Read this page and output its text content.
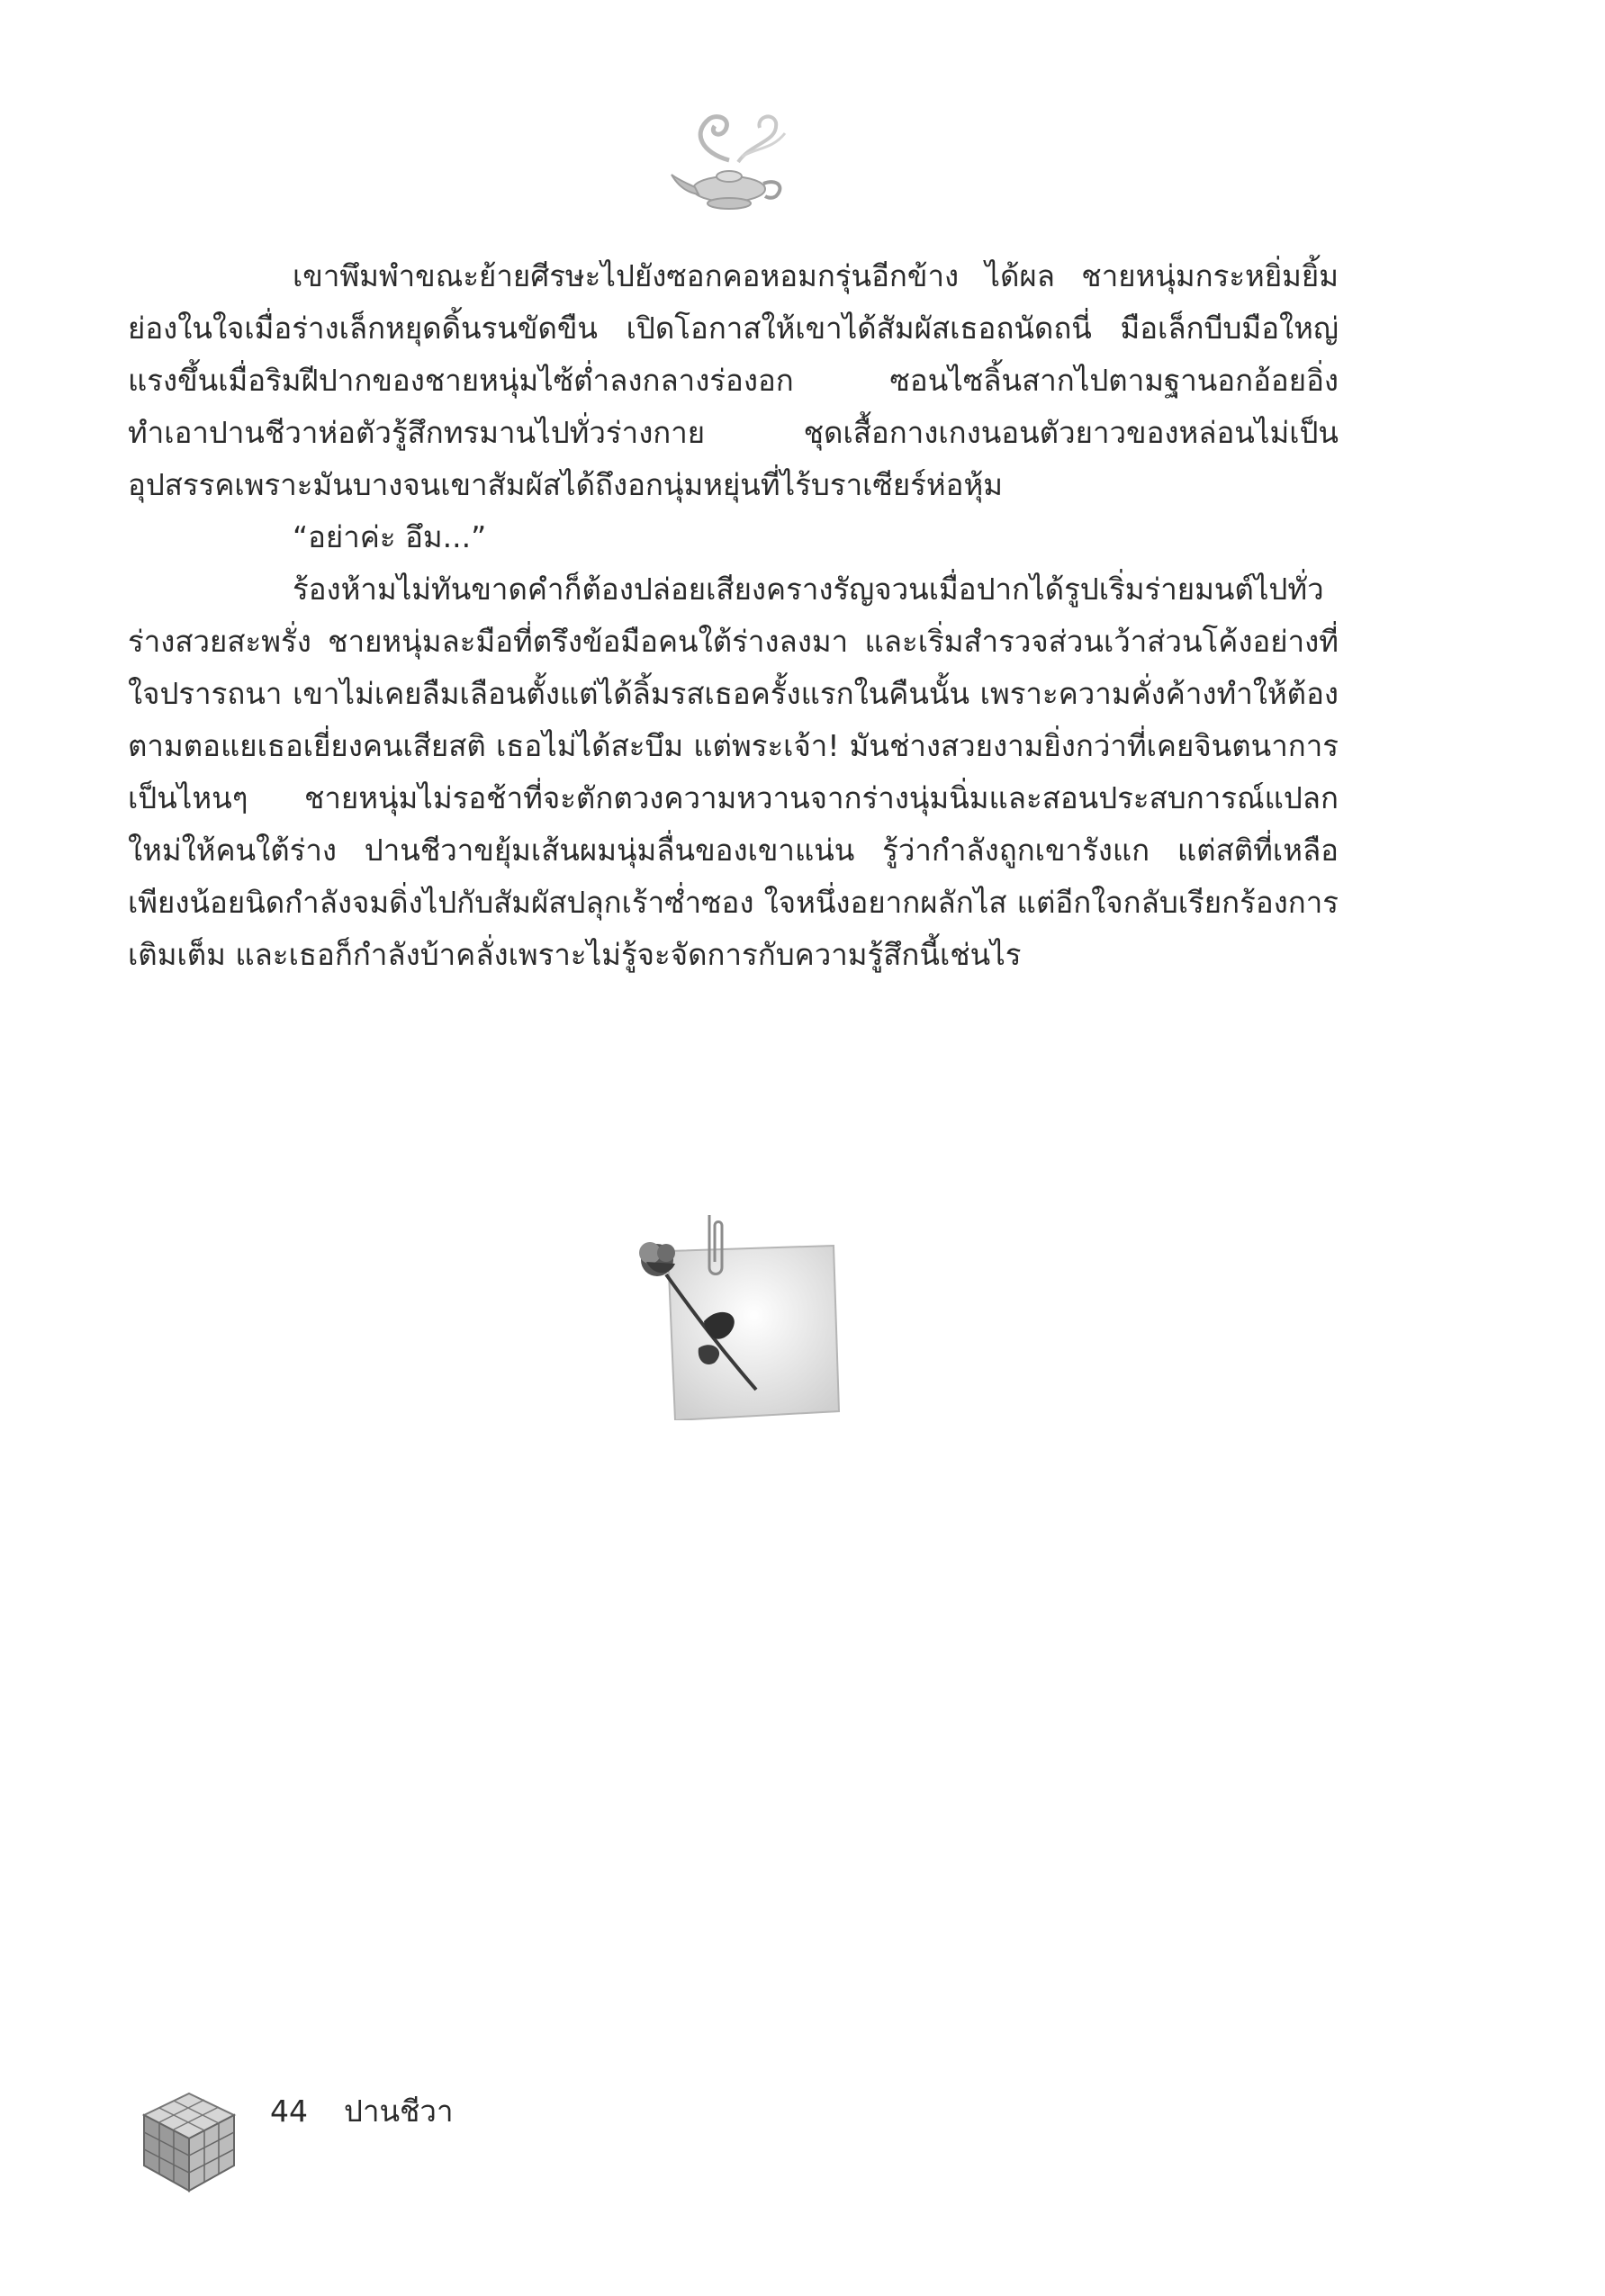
เขาพึมพำขณะย้ายศีรษะไปยังซอกคอหอมกรุ่นอีกข้าง ได้ผล ชายหนุ่มกระหยิ่มยิ้มย่องในใจเมื่อร่างเล็กหยุดดิ้นรนขัดขืน เปิดโอกาสให้เขาได้สัมผัสเธอถนัดถนี่ มือเล็กบีบมือใหญ่แรงขึ้นเมื่อริมฝีปากของชายหนุ่มไซ้ต่ำลงกลางร่องอก ซอนไซลิ้นสากไปตามฐานอกอ้อยอิ่ง ทำเอาปานชีวาห่อตัวรู้สึกทรมานไปทั่วร่างกาย ชุดเสื้อกางเกงนอนตัวยาวของหล่อนไม่เป็นอุปสรรคเพราะมันบางจนเขาสัมผัสได้ถึงอกนุ่มหยุ่นที่ไร้บราเซียร์ห่อหุ้ม

“อย่าค่ะ อึม...”

ร้องห้ามไม่ทันขาดคำก็ต้องปล่อยเสียงครางรัญจวนเมื่อปากได้รูปเริ่มร่ายมนต์ไปทั่วร่างสวยสะพรั่ง ชายหนุ่มละมือที่ตรึงข้อมือคนใต้ร่างลงมา และเริ่มสำรวจส่วนเว้าส่วนโค้งอย่างที่ใจปรารถนา เขาไม่เคยลืมเลือนตั้งแต่ได้ลิ้มรสเธอครั้งแรกในคืนนั้น เพราะความคั่งค้างทำให้ต้องตามตอแยเธอเยี่ยงคนเสียสติ เธอไม่ได้สะบึม แต่พระเจ้า! มันช่างสวยงามยิ่งกว่าที่เคยจินตนาการเป็นไหนๆ ชายหนุ่มไม่รอช้าที่จะตักตวงความหวานจากร่างนุ่มนิ่มและสอนประสบการณ์แปลกใหม่ให้คนใต้ร่าง ปานชีวาขยุ้มเส้นผมนุ่มลื่นของเขาแน่น รู้ว่ากำลังถูกเขารังแก แต่สติที่เหลือเพียงน้อยนิดกำลังจมดิ่งไปกับสัมผัสปลุกเร้าซ่ำซอง ใจหนึ่งอยากผลักไส แต่อีกใจกลับเรียกร้องการเติมเต็ม และเธอก็กำลังบ้าคลั่งเพราะไม่รู้จะจัดการกับความรู้สึกนี้เช่นไร

44 ปานชีวา
